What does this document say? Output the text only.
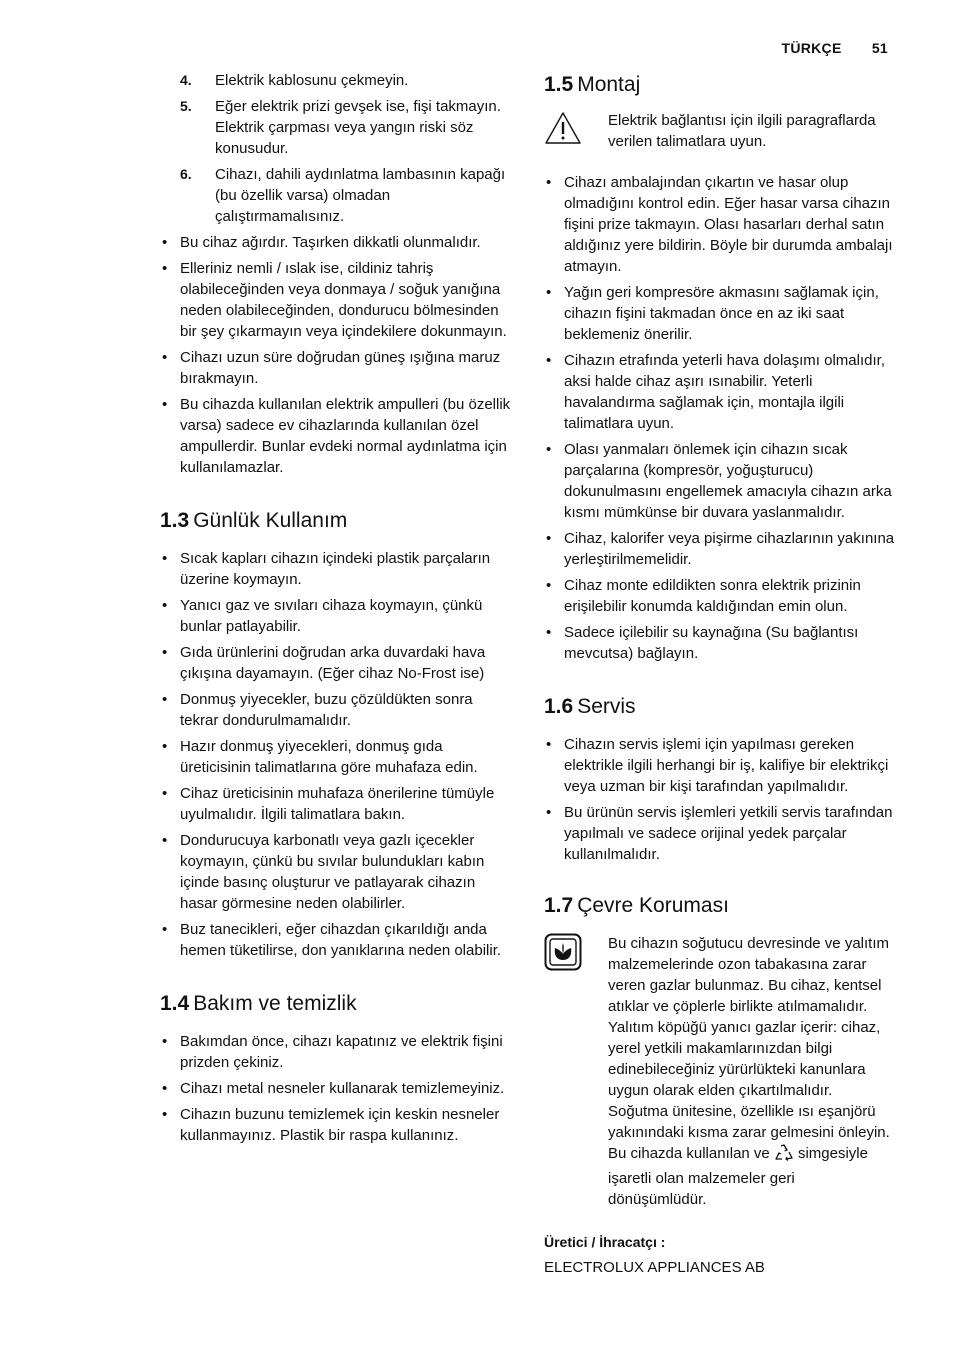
TÜRKÇE 51
4. Elektrik kablosunu çekmeyin.
5. Eğer elektrik prizi gevşek ise, fişi takmayın. Elektrik çarpması veya yangın riski söz konusudur.
6. Cihazı, dahili aydınlatma lambasının kapağı (bu özellik varsa) olmadan çalıştırmamalısınız.
• Bu cihaz ağırdır. Taşırken dikkatli olunmalıdır.
• Elleriniz nemli / ıslak ise, cildiniz tahriş olabileceğinden veya donmaya / soğuk yanığına neden olabileceğinden, dondurucu bölmesinden bir şey çıkarmayın veya içindekilere dokunmayın.
• Cihazı uzun süre doğrudan güneş ışığına maruz bırakmayın.
• Bu cihazda kullanılan elektrik ampulleri (bu özellik varsa) sadece ev cihazlarında kullanılan özel ampullerdir. Bunlar evdeki normal aydınlatma için kullanılamazlar.
1.3 Günlük Kullanım
• Sıcak kapları cihazın içindeki plastik parçaların üzerine koymayın.
• Yanıcı gaz ve sıvıları cihaza koymayın, çünkü bunlar patlayabilir.
• Gıda ürünlerini doğrudan arka duvardaki hava çıkışına dayamayın. (Eğer cihaz No-Frost ise)
• Donmuş yiyecekler, buzu çözüldükten sonra tekrar dondurulmamalıdır.
• Hazır donmuş yiyecekleri, donmuş gıda üreticisinin talimatlarına göre muhafaza edin.
• Cihaz üreticisinin muhafaza önerilerine tümüyle uyulmalıdır. İlgili talimatlara bakın.
• Dondurucuya karbonatlı veya gazlı içecekler koymayın, çünkü bu sıvılar bulundukları kabın içinde basınç oluşturur ve patlayarak cihazın hasar görmesine neden olabilirler.
• Buz tanecikleri, eğer cihazdan çıkarıldığı anda hemen tüketilirse, don yanıklarına neden olabilir.
1.4 Bakım ve temizlik
• Bakımdan önce, cihazı kapatınız ve elektrik fişini prizden çekiniz.
• Cihazı metal nesneler kullanarak temizlemeyiniz.
• Cihazın buzunu temizlemek için keskin nesneler kullanmayınız. Plastik bir raspa kullanınız.
1.5 Montaj
Elektrik bağlantısı için ilgili paragraflarda verilen talimatlara uyun.
• Cihazı ambalajından çıkartın ve hasar olup olmadığını kontrol edin. Eğer hasar varsa cihazın fişini prize takmayın. Olası hasarları derhal satın aldığınız yere bildirin. Böyle bir durumda ambalajı atmayın.
• Yağın geri kompresöre akmasını sağlamak için, cihazın fişini takmadan önce en az iki saat beklemeniz önerilir.
• Cihazın etrafında yeterli hava dolaşımı olmalıdır, aksi halde cihaz aşırı ısınabilir. Yeterli havalandırma sağlamak için, montajla ilgili talimatlara uyun.
• Olası yanmaları önlemek için cihazın sıcak parçalarına (kompresör, yoğuşturucu) dokunulmasını engellemek amacıyla cihazın arka kısmı mümkünse bir duvara yaslanmalıdır.
• Cihaz, kalorifer veya pişirme cihazlarının yakınına yerleştirilmemelidir.
• Cihaz monte edildikten sonra elektrik prizinin erişilebilir konumda kaldığından emin olun.
• Sadece içilebilir su kaynağına (Su bağlantısı mevcutsa) bağlayın.
1.6 Servis
• Cihazın servis işlemi için yapılması gereken elektrikle ilgili herhangi bir iş, kalifiye bir elektrikçi veya uzman bir kişi tarafından yapılmalıdır.
• Bu ürünün servis işlemleri yetkili servis tarafından yapılmalı ve sadece orijinal yedek parçalar kullanılmalıdır.
1.7 Çevre Koruması
Bu cihazın soğutucu devresinde ve yalıtım malzemelerinde ozon tabakasına zarar veren gazlar bulunmaz. Bu cihaz, kentsel atıklar ve çöplerle birlikte atılmamalıdır. Yalıtım köpüğü yanıcı gazlar içerir: cihaz, yerel yetkili makamlarınızdan bilgi edinebileceğiniz yürürlükteki kanunlara uygun olarak elden çıkartılmalıdır. Soğutma ünitesine, özellikle ısı eşanjörü yakınındaki kısma zarar gelmesini önleyin. Bu cihazda kullanılan ve simgesiyle işaretli olan malzemeler geri dönüşümlüdür.
Üretici / İhracatçı :
ELECTROLUX APPLIANCES AB
